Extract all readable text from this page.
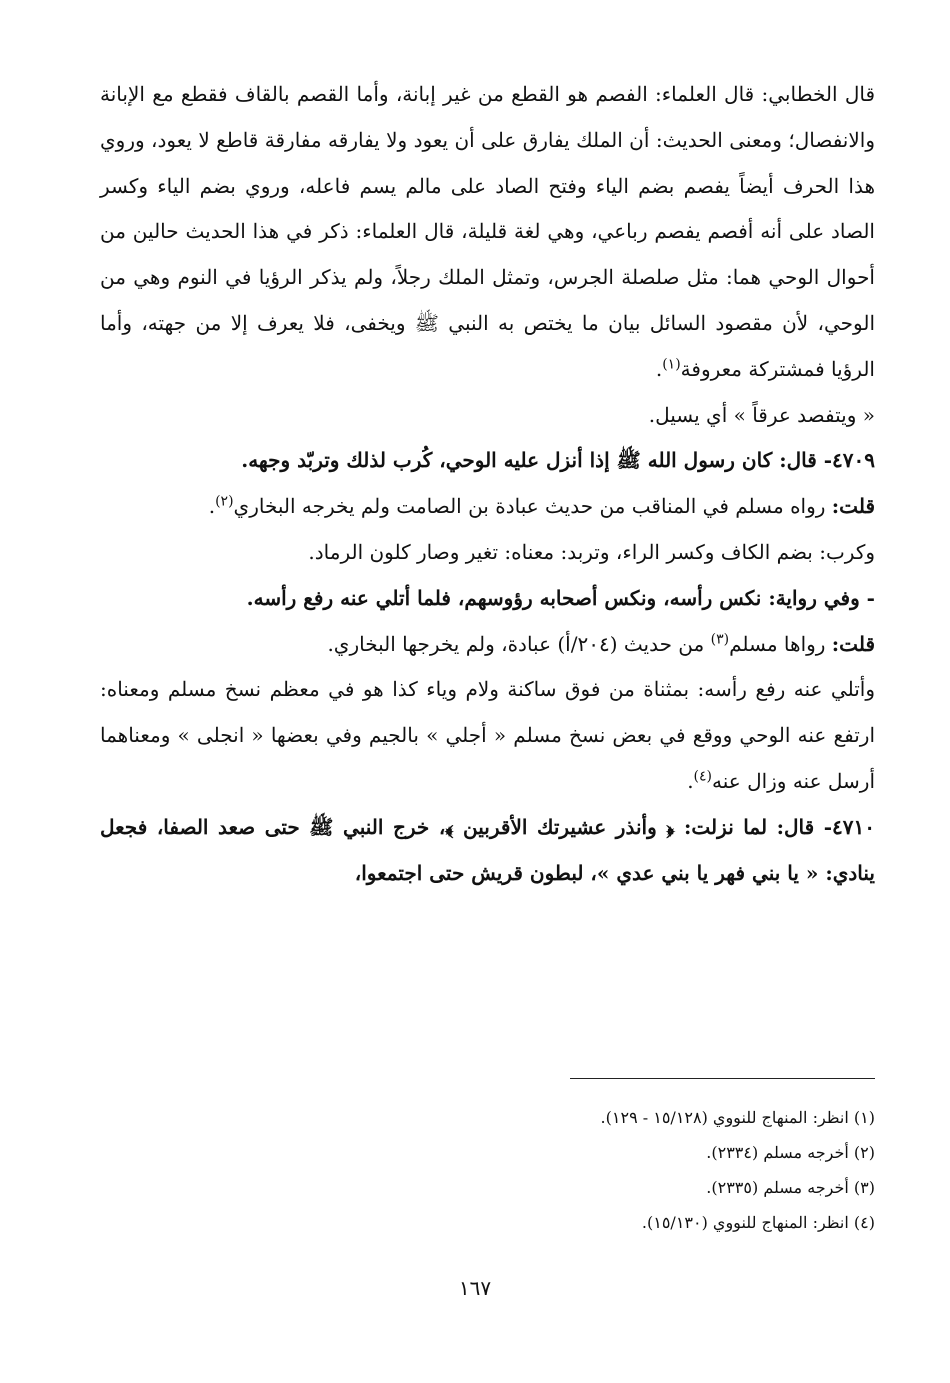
قال الخطابي: قال العلماء: الفصم هو القطع من غير إبانة، وأما القصم بالقاف فقطع مع الإبانة والانفصال؛ ومعنى الحديث: أن الملك يفارق على أن يعود ولا يفارقه مفارقة قاطع لا يعود، وروي هذا الحرف أيضاً يفصم بضم الياء وفتح الصاد على مالم يسم فاعله، وروي بضم الياء وكسر الصاد على أنه أفصم يفصم رباعي، وهي لغة قليلة، قال العلماء: ذكر في هذا الحديث حالين من أحوال الوحي هما: مثل صلصلة الجرس، وتمثل الملك رجلاً، ولم يذكر الرؤيا في النوم وهي من الوحي، لأن مقصود السائل بيان ما يختص به النبي ﷺ ويخفى، فلا يعرف إلا من جهته، وأما الرؤيا فمشتركة معروفة$^{(١)}$.

« ويتفصد عرقاً » أي يسيل.

٤٧٠٩- قال: كان رسول الله ﷺ إذا أنزل عليه الوحي، كُرب لذلك وتربّد وجهه.

قلت: رواه مسلم في المناقب من حديث عبادة بن الصامت ولم يخرجه البخاري$^{(٢)}$.

وكرب: بضم الكاف وكسر الراء، وتربد: معناه: تغير وصار كلون الرماد.

- وفي رواية: نكس رأسه، ونكس أصحابه رؤوسهم، فلما أتلي عنه رفع رأسه.

قلت: رواها مسلم$^{(٣)}$ من حديث (٢٠٤/أ) عبادة، ولم يخرجها البخاري.

وأتلي عنه رفع رأسه: بمثناة من فوق ساكنة ولام وياء كذا هو في معظم نسخ مسلم ومعناه: ارتفع عنه الوحي ووقع في بعض نسخ مسلم « أجلي » بالجيم وفي بعضها « انجلى » ومعناهما أرسل عنه وزال عنه$^{(٤)}$.

٤٧١٠- قال: لما نزلت: ﴿ وأنذر عشيرتك الأقربين ﴾، خرج النبي ﷺ حتى صعد الصفا، فجعل ينادي: « يا بني فهر يا بني عدي »، لبطون قريش حتى اجتمعوا،

(١) انظر: المنهاج للنووي (١٥/١٢٨ - ١٢٩).
(٢) أخرجه مسلم (٢٣٣٤).
(٣) أخرجه مسلم (٢٣٣٥).
(٤) انظر: المنهاج للنووي (١٥/١٣٠).
١٦٧
